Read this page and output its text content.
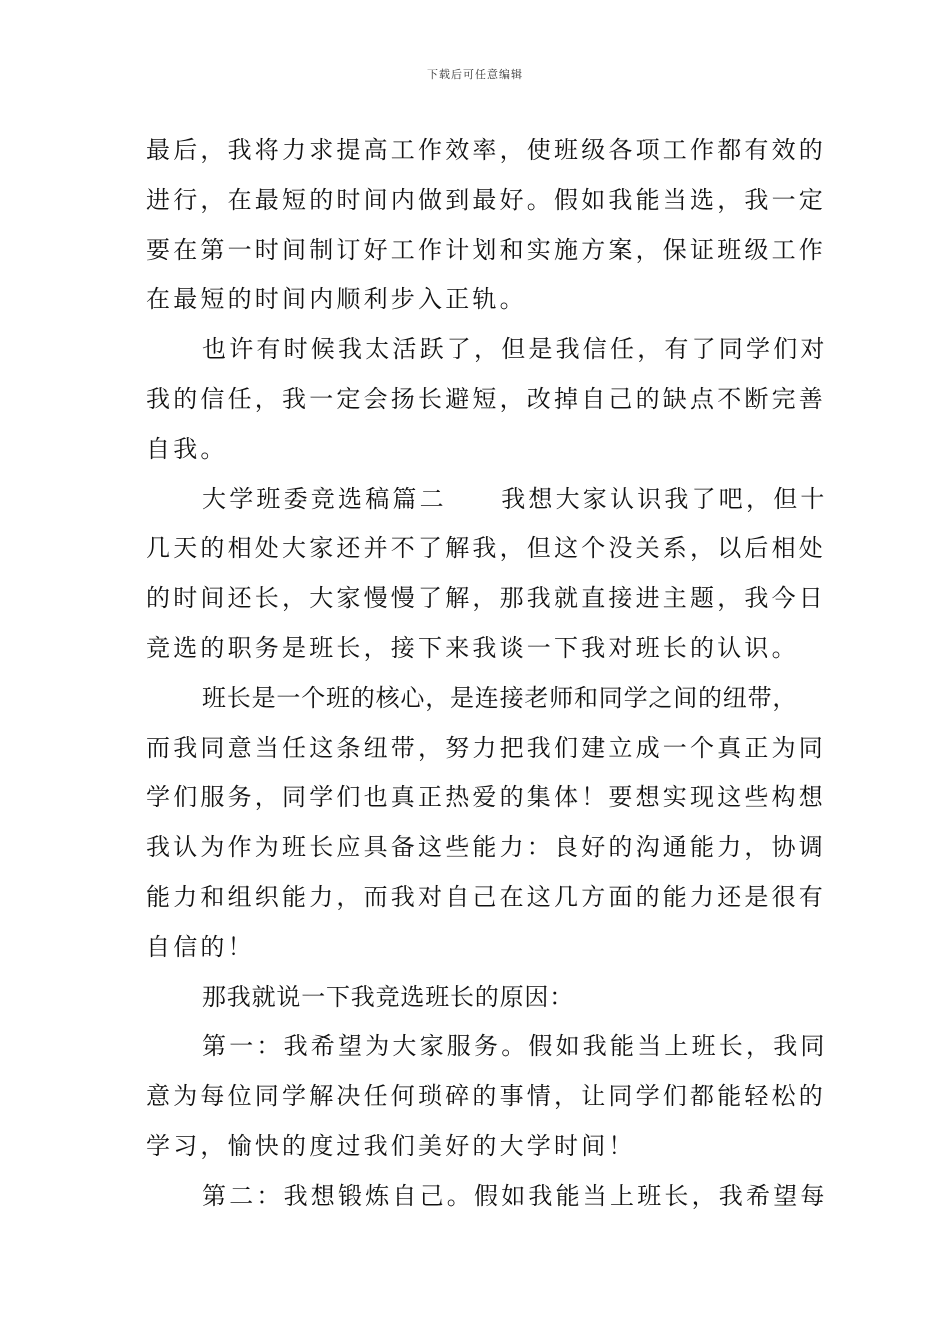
下载后可任意编辑
最后，我将力求提高工作效率，使班级各项工作都有效的
进行，在最短的时间内做到最好。假如我能当选，我一定
要在第一时间制订好工作计划和实施方案，保证班级工作
在最短的时间内顺利步入正轨。
也许有时候我太活跃了，但是我信任，有了同学们对
我的信任，我一定会扬长避短，改掉自己的缺点不断完善
自我。
大学班委竞选稿篇二　　我想大家认识我了吧，但十
几天的相处大家还并不了解我，但这个没关系，以后相处
的时间还长，大家慢慢了解，那我就直接进主题，我今日
竞选的职务是班长，接下来我谈一下我对班长的认识。
班长是一个班的核心，是连接老师和同学之间的纽带，
而我同意当任这条纽带，努力把我们建立成一个真正为同
学们服务，同学们也真正热爱的集体！要想实现这些构想
我认为作为班长应具备这些能力：良好的沟通能力，协调
能力和组织能力，而我对自己在这几方面的能力还是很有
自信的！
那我就说一下我竞选班长的原因：
第一：我希望为大家服务。假如我能当上班长，我同
意为每位同学解决任何琐碎的事情，让同学们都能轻松的
学习，愉快的度过我们美好的大学时间！
第二：我想锻炼自己。假如我能当上班长，我希望每
